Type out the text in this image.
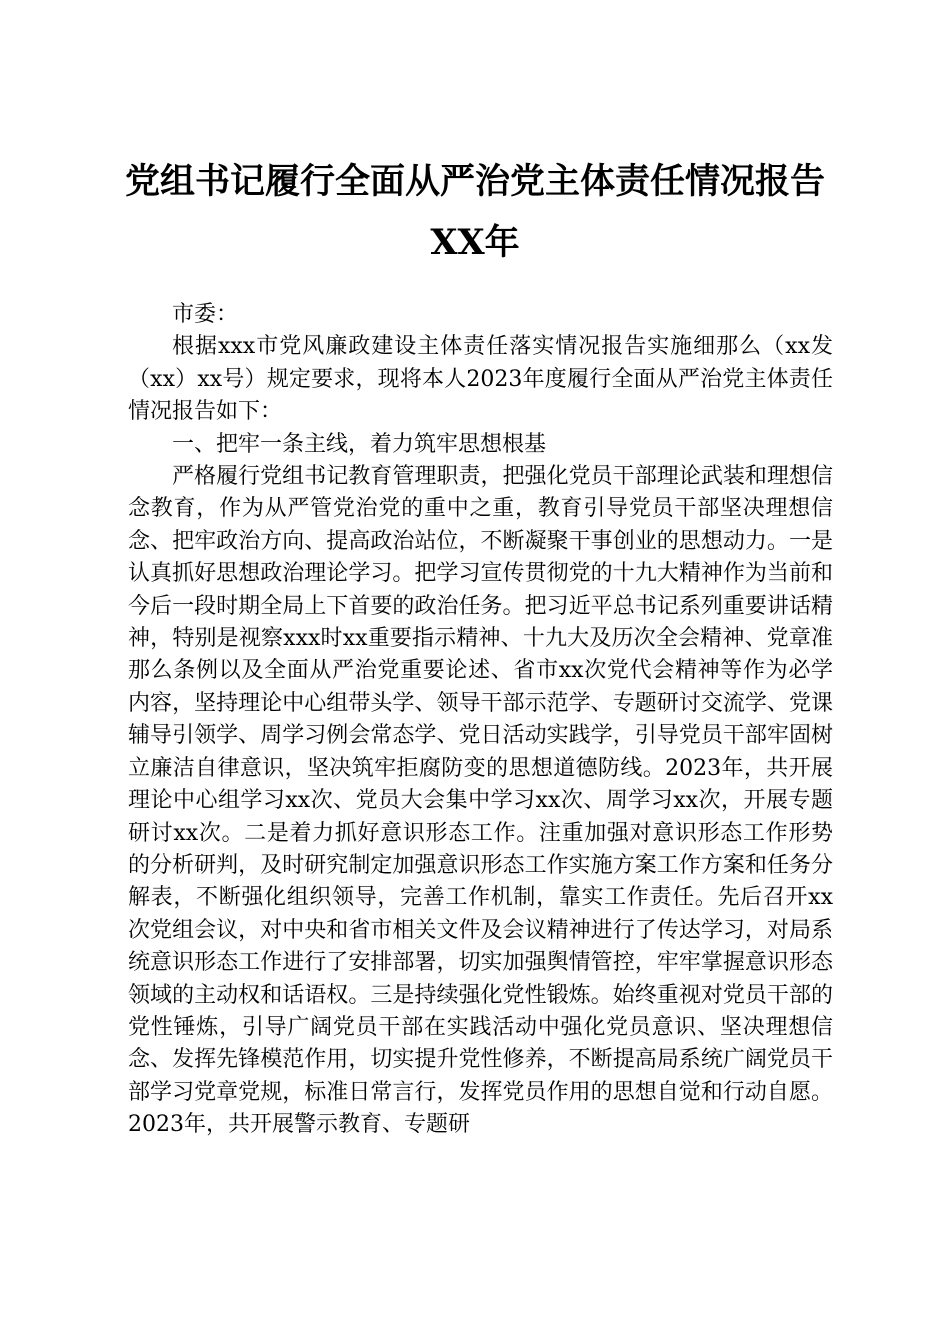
党组书记履行全面从严治党主体责任情况报告
XX年

市委：

根据xxx市党风廉政建设主体责任落实情况报告实施细那么（xx发（xx）xx号）规定要求，现将本人2023年度履行全面从严治党主体责任情况报告如下：

一、把牢一条主线，着力筑牢思想根基

严格履行党组书记教育管理职责，把强化党员干部理论武装和理想信念教育，作为从严管党治党的重中之重，教育引导党员干部坚决理想信念、把牢政治方向、提高政治站位，不断凝聚干事创业的思想动力。一是认真抓好思想政治理论学习。把学习宣传贯彻党的十九大精神作为当前和今后一段时期全局上下首要的政治任务。把习近平总书记系列重要讲话精神，特别是视察xxx时xx重要指示精神、十九大及历次全会精神、党章准那么条例以及全面从严治党重要论述、省市xx次党代会精神等作为必学内容，坚持理论中心组带头学、领导干部示范学、专题研讨交流学、党课辅导引领学、周学习例会常态学、党日活动实践学，引导党员干部牢固树立廉洁自律意识，坚决筑牢拒腐防变的思想道德防线。2023年，共开展理论中心组学习xx次、党员大会集中学习xx次、周学习xx次，开展专题研讨xx次。二是着力抓好意识形态工作。注重加强对意识形态工作形势的分析研判，及时研究制定加强意识形态工作实施方案工作方案和任务分解表，不断强化组织领导，完善工作机制，靠实工作责任。先后召开xx次党组会议，对中央和省市相关文件及会议精神进行了传达学习，对局系统意识形态工作进行了安排部署，切实加强舆情管控，牢牢掌握意识形态领域的主动权和话语权。三是持续强化党性锻炼。始终重视对党员干部的党性锤炼，引导广阔党员干部在实践活动中强化党员意识、坚决理想信念、发挥先锋模范作用，切实提升党性修养，不断提高局系统广阔党员干部学习党章党规，标准日常言行，发挥党员作用的思想自觉和行动自愿。2023年，共开展警示教育、专题研
